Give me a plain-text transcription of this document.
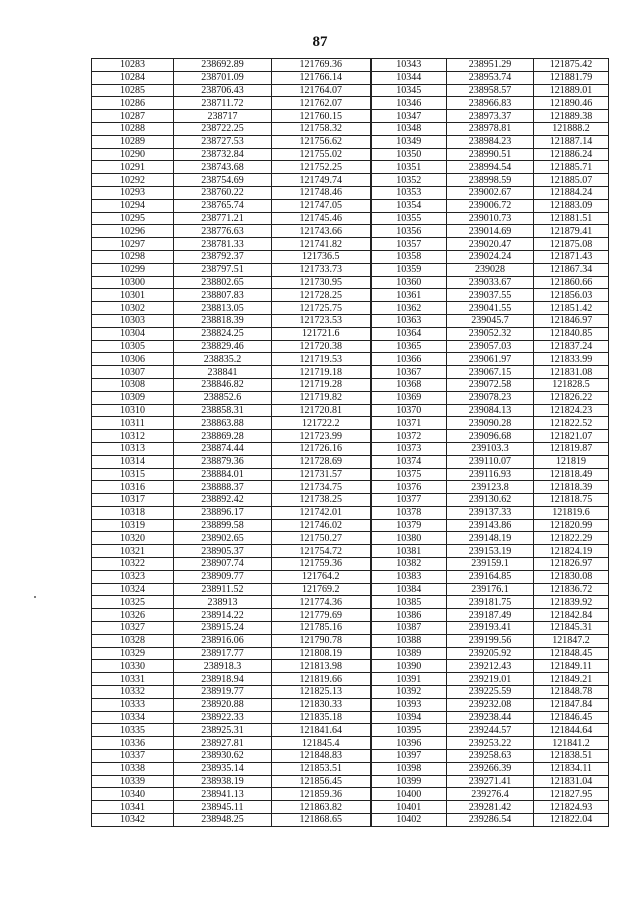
87
10283	238692.89	121769.36	10343	238951.29	121875.42
10284	238701.09	121766.14	10344	238953.74	121881.79
10285	238706.43	121764.07	10345	238958.57	121889.01
10286	238711.72	121762.07	10346	238966.83	121890.46
10287	238717	121760.15	10347	238973.37	121889.38
10288	238722.25	121758.32	10348	238978.81	121888.2
10289	238727.53	121756.62	10349	238984.23	121887.14
10290	238732.84	121755.02	10350	238990.51	121886.24
10291	238743.68	121752.25	10351	238994.54	121885.71
10292	238754.69	121749.74	10352	238998.59	121885.07
10293	238760.22	121748.46	10353	239002.67	121884.24
10294	238765.74	121747.05	10354	239006.72	121883.09
10295	238771.21	121745.46	10355	239010.73	121881.51
10296	238776.63	121743.66	10356	239014.69	121879.41
10297	238781.33	121741.82	10357	239020.47	121875.08
10298	238792.37	121736.5	10358	239024.24	121871.43
10299	238797.51	121733.73	10359	239028	121867.34
10300	238802.65	121730.95	10360	239033.67	121860.66
10301	238807.83	121728.25	10361	239037.55	121856.03
10302	238813.05	121725.75	10362	239041.55	121851.42
10303	238818.39	121723.53	10363	239045.7	121846.97
10304	238824.25	121721.6	10364	239052.32	121840.85
10305	238829.46	121720.38	10365	239057.03	121837.24
10306	238835.2	121719.53	10366	239061.97	121833.99
10307	238841	121719.18	10367	239067.15	121831.08
10308	238846.82	121719.28	10368	239072.58	121828.5
10309	238852.6	121719.82	10369	239078.23	121826.22
10310	238858.31	121720.81	10370	239084.13	121824.23
10311	238863.88	121722.2	10371	239090.28	121822.52
10312	238869.28	121723.99	10372	239096.68	121821.07
10313	238874.44	121726.16	10373	239103.3	121819.87
10314	238879.36	121728.69	10374	239110.07	121819
10315	238884.01	121731.57	10375	239116.93	121818.49
10316	238888.37	121734.75	10376	239123.8	121818.39
10317	238892.42	121738.25	10377	239130.62	121818.75
10318	238896.17	121742.01	10378	239137.33	121819.6
10319	238899.58	121746.02	10379	239143.86	121820.99
10320	238902.65	121750.27	10380	239148.19	121822.29
10321	238905.37	121754.72	10381	239153.19	121824.19
10322	238907.74	121759.36	10382	239159.1	121826.97
10323	238909.77	121764.2	10383	239164.85	121830.08
10324	238911.52	121769.2	10384	239176.1	121836.72
10325	238913	121774.36	10385	239181.75	121839.92
10326	238914.22	121779.69	10386	239187.49	121842.84
10327	238915.24	121785.16	10387	239193.41	121845.31
10328	238916.06	121790.78	10388	239199.56	121847.2
10329	238917.77	121808.19	10389	239205.92	121848.45
10330	238918.3	121813.98	10390	239212.43	121849.11
10331	238918.94	121819.66	10391	239219.01	121849.21
10332	238919.77	121825.13	10392	239225.59	121848.78
10333	238920.88	121830.33	10393	239232.08	121847.84
10334	238922.33	121835.18	10394	239238.44	121846.45
10335	238925.31	121841.64	10395	239244.57	121844.64
10336	238927.81	121845.4	10396	239253.22	121841.2
10337	238930.62	121848.83	10397	239258.63	121838.51
10338	238935.14	121853.51	10398	239266.39	121834.11
10339	238938.19	121856.45	10399	239271.41	121831.04
10340	238941.13	121859.36	10400	239276.4	121827.95
10341	238945.11	121863.82	10401	239281.42	121824.93
10342	238948.25	121868.65	10402	239286.54	121822.04
